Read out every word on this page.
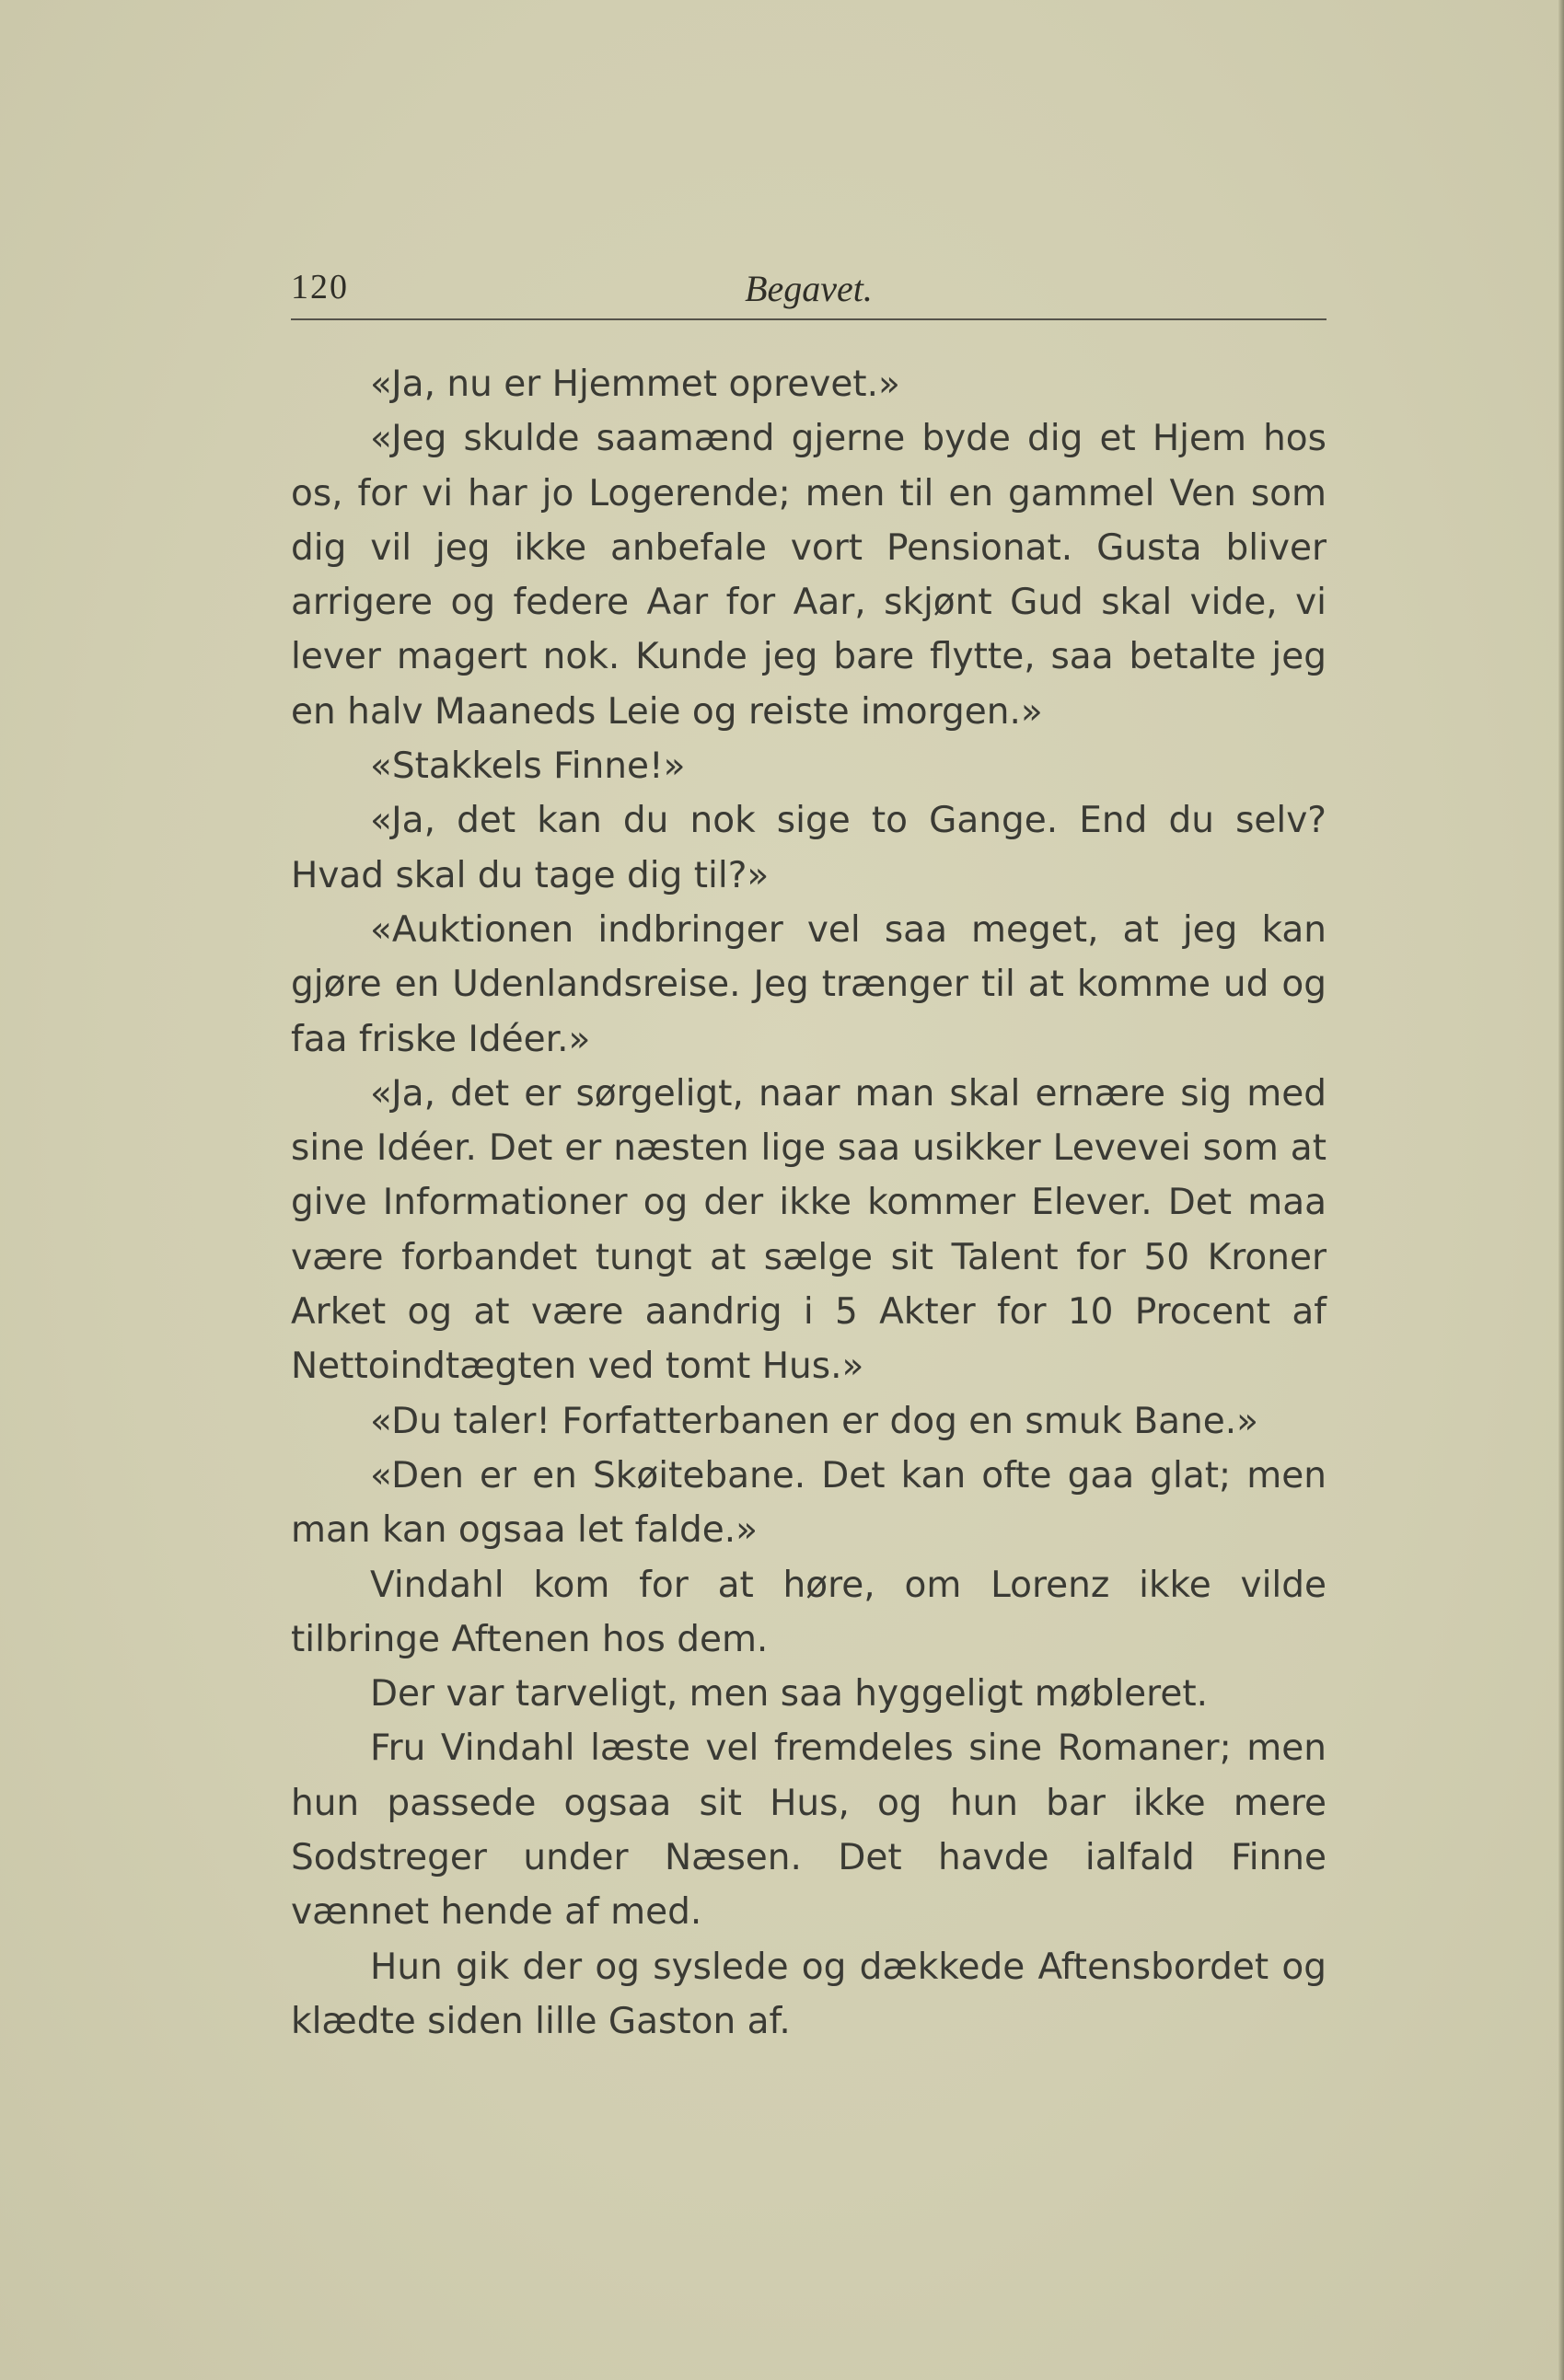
120	Begavet.

«Ja, nu er Hjemmet oprevet.»

«Jeg skulde saamænd gjerne byde dig et Hjem hos os, for vi har jo Logerende; men til en gammel Ven som dig vil jeg ikke anbefale vort Pensionat. Gusta bliver arrigere og federe Aar for Aar, skjønt Gud skal vide, vi lever magert nok. Kunde jeg bare flytte, saa betalte jeg en halv Maaneds Leie og reiste imorgen.»

«Stakkels Finne!»

«Ja, det kan du nok sige to Gange. End du selv? Hvad skal du tage dig til?»

«Auktionen indbringer vel saa meget, at jeg kan gjøre en Udenlandsreise. Jeg trænger til at komme ud og faa friske Idéer.»

«Ja, det er sørgeligt, naar man skal ernære sig med sine Idéer. Det er næsten lige saa usikker Levevei som at give Informationer og der ikke kommer Elever. Det maa være forbandet tungt at sælge sit Talent for 50 Kroner Arket og at være aandrig i 5 Akter for 10 Procent af Nettoindtægten ved tomt Hus.»

«Du taler! Forfatterbanen er dog en smuk Bane.»

«Den er en Skøitebane. Det kan ofte gaa glat; men man kan ogsaa let falde.»

Vindahl kom for at høre, om Lorenz ikke vilde tilbringe Aftenen hos dem.

Der var tarveligt, men saa hyggeligt møbleret.

Fru Vindahl læste vel fremdeles sine Romaner; men hun passede ogsaa sit Hus, og hun bar ikke mere Sodstreger under Næsen. Det havde ialfald Finne vænnet hende af med.

Hun gik der og syslede og dækkede Aftensbordet og klædte siden lille Gaston af.
